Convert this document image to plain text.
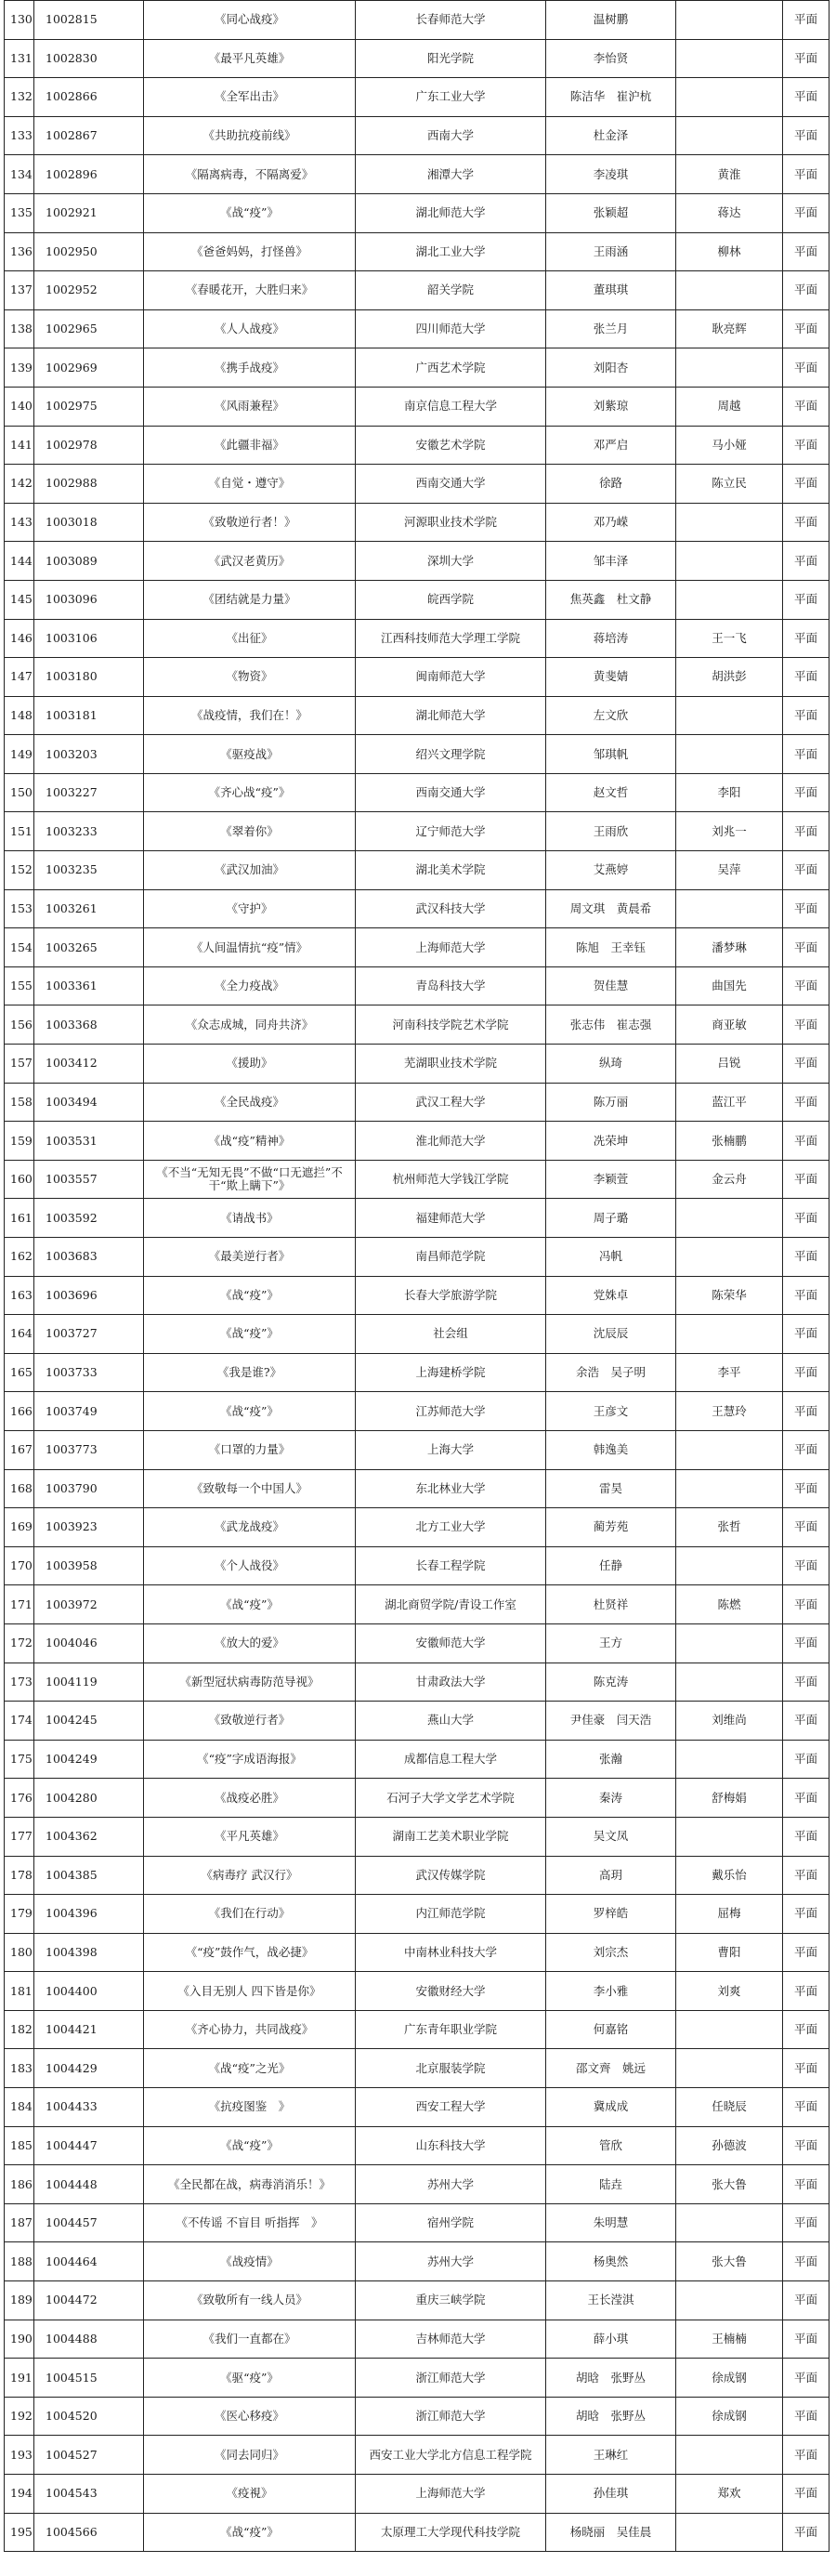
130	1002815	《同心战疫》	长春师范大学	温树鹏		平面
131	1002830	《最平凡英雄》	阳光学院	李怡贤		平面
132	1002866	《全军出击》	广东工业大学	陈洁华　崔沪杭		平面
133	1002867	《共助抗疫前线》	西南大学	杜金泽		平面
134	1002896	《隔离病毒，不隔离爱》	湘潭大学	李凌琪	黄淮	平面
135	1002921	《战“疫”》	湖北师范大学	张颖超	蒋达	平面
136	1002950	《爸爸妈妈，打怪兽》	湖北工业大学	王雨涵	柳林	平面
137	1002952	《春暖花开，大胜归来》	韶关学院	董琪琪		平面
138	1002965	《人人战疫》	四川师范大学	张兰月	耿亮辉	平面
139	1002969	《携手战疫》	广西艺术学院	刘阳杏		平面
140	1002975	《风雨兼程》	南京信息工程大学	刘紫琼	周越	平面
141	1002978	《此疆非福》	安徽艺术学院	邓严启	马小娅	平面
142	1002988	《自觉・遵守》	西南交通大学	徐路	陈立民	平面
143	1003018	《致敬逆行者！》	河源职业技术学院	邓乃嵘		平面
144	1003089	《武汉老黄历》	深圳大学	邹丰泽		平面
145	1003096	《团结就是力量》	皖西学院	焦英鑫　杜文静		平面
146	1003106	《出征》	江西科技师范大学理工学院	蒋培涛	王一飞	平面
147	1003180	《物资》	闽南师范大学	黄斐婧	胡洪彭	平面
148	1003181	《战疫情，我们在！》	湖北师范大学	左文欣		平面
149	1003203	《驱疫战》	绍兴文理学院	邹琪帆		平面
150	1003227	《齐心战“疫”》	西南交通大学	赵文哲	李阳	平面
151	1003233	《翠着你》	辽宁师范大学	王雨欣	刘兆一	平面
152	1003235	《武汉加油》	湖北美术学院	艾燕婷	吴萍	平面
153	1003261	《守护》	武汉科技大学	周文琪　黄晨希		平面
154	1003265	《人间温情抗“疫”情》	上海师范大学	陈旭　王幸钰	潘梦琳	平面
155	1003361	《全力疫战》	青岛科技大学	贺佳慧	曲国先	平面
156	1003368	《众志成城，同舟共济》	河南科技学院艺术学院	张志伟　崔志强	商亚敏	平面
157	1003412	《援助》	芜湖职业技术学院	纵琦	吕锐	平面
158	1003494	《全民战疫》	武汉工程大学	陈万丽	蓝江平	平面
159	1003531	《战“疫”精神》	淮北师范大学	冼荣坤	张楠鹏	平面
160	1003557	《不当“无知无畏”不做“口无遮拦”不干“欺上瞒下”》	杭州师范大学钱江学院	李颖萱	金云舟	平面
161	1003592	《请战书》	福建师范大学	周子璐		平面
162	1003683	《最美逆行者》	南昌师范学院	冯帆		平面
163	1003696	《战“疫”》	长春大学旅游学院	党姝卓	陈荣华	平面
164	1003727	《战“疫”》	社会组	沈辰辰		平面
165	1003733	《我是谁?》	上海建桥学院	余浩　吴子明	李平	平面
166	1003749	《战“疫”》	江苏师范大学	王彦文	王慧玲	平面
167	1003773	《口罩的力量》	上海大学	韩逸美		平面
168	1003790	《致敬每一个中国人》	东北林业大学	雷昊		平面
169	1003923	《武龙战疫》	北方工业大学	蔺芳苑	张哲	平面
170	1003958	《个人战役》	长春工程学院	任静		平面
171	1003972	《战“疫”》	湖北商贸学院/青设工作室	杜贤祥	陈燃	平面
172	1004046	《放大的爱》	安徽师范大学	王方		平面
173	1004119	《新型冠状病毒防范导视》	甘肃政法大学	陈克涛		平面
174	1004245	《致敬逆行者》	燕山大学	尹佳豪　闫天浩	刘维尚	平面
175	1004249	《“疫”字成语海报》	成都信息工程大学	张瀚		平面
176	1004280	《战疫必胜》	石河子大学文学艺术学院	秦涛	舒梅娟	平面
177	1004362	《平凡英雄》	湖南工艺美术职业学院	吴文凤		平面
178	1004385	《病毒疗 武汉行》	武汉传媒学院	高玥	戴乐怡	平面
179	1004396	《我们在行动》	内江师范学院	罗梓皓	屈梅	平面
180	1004398	《“疫”鼓作气，战必捷》	中南林业科技大学	刘宗杰	曹阳	平面
181	1004400	《入目无别人 四下皆是你》	安徽财经大学	李小雅	刘爽	平面
182	1004421	《齐心协力，共同战疫》	广东青年职业学院	何嘉铭		平面
183	1004429	《战“疫”之光》	北京服装学院	邵文齊　姚远		平面
184	1004433	《抗疫图鉴　》	西安工程大学	冀成成	任晓辰	平面
185	1004447	《战“疫”》	山东科技大学	管欣	孙德波	平面
186	1004448	《全民都在战，病毒消消乐！》	苏州大学	陆垚	张大鲁	平面
187	1004457	《不传谣 不盲目 听指挥　》	宿州学院	朱明慧		平面
188	1004464	《战疫情》	苏州大学	杨奥然	张大鲁	平面
189	1004472	《致敬所有一线人员》	重庆三峡学院	王长滢淇		平面
190	1004488	《我们一直都在》	吉林师范大学	薛小琪	王楠楠	平面
191	1004515	《驱“疫”》	浙江师范大学	胡晗　张野丛	徐成钢	平面
192	1004520	《医心移疫》	浙江师范大学	胡晗　张野丛	徐成钢	平面
193	1004527	《同去同归》	西安工业大学北方信息工程学院	王琳红		平面
194	1004543	《疫視》	上海师范大学	孙佳琪	郑欢	平面
195	1004566	《战“疫”》	太原理工大学现代科技学院	杨晓丽　吴佳晨		平面
